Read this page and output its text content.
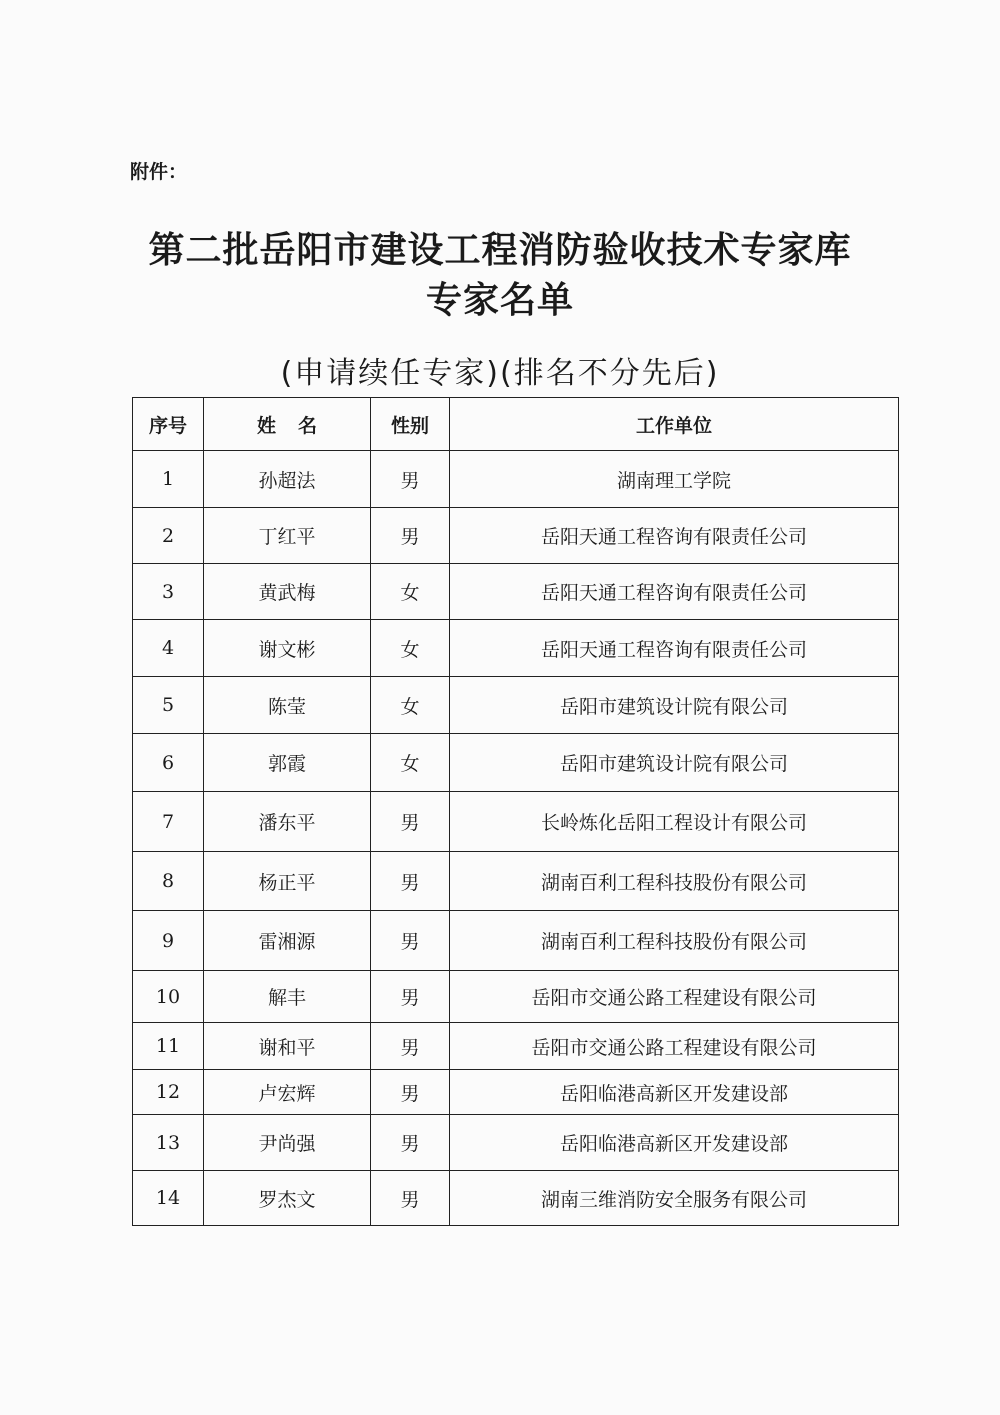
附件：
第二批岳阳市建设工程消防验收技术专家库
专家名单
(申请续任专家)(排名不分先后)
序号	姓名	性别	工作单位
1	孙超法	男	湖南理工学院
2	丁红平	男	岳阳天通工程咨询有限责任公司
3	黄武梅	女	岳阳天通工程咨询有限责任公司
4	谢文彬	女	岳阳天通工程咨询有限责任公司
5	陈莹	女	岳阳市建筑设计院有限公司
6	郭霞	女	岳阳市建筑设计院有限公司
7	潘东平	男	长岭炼化岳阳工程设计有限公司
8	杨正平	男	湖南百利工程科技股份有限公司
9	雷湘源	男	湖南百利工程科技股份有限公司
10	解丰	男	岳阳市交通公路工程建设有限公司
11	谢和平	男	岳阳市交通公路工程建设有限公司
12	卢宏辉	男	岳阳临港高新区开发建设部
13	尹尚强	男	岳阳临港高新区开发建设部
14	罗杰文	男	湖南三维消防安全服务有限公司
